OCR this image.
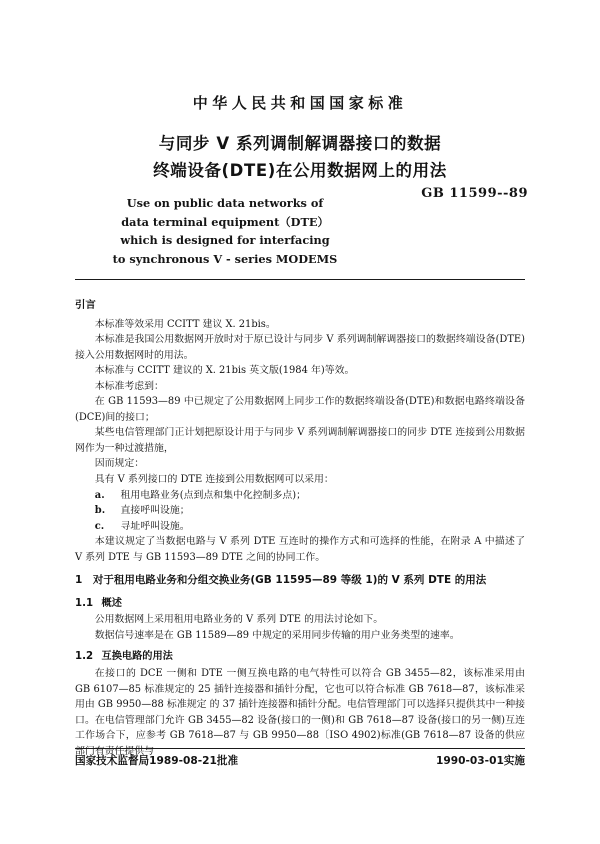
中华人民共和国国家标准
与同步 V 系列调制解调器接口的数据
终端设备(DTE)在公用数据网上的用法
GB 11599--89
Use on public data networks of
data terminal equipment（DTE）
which is designed for interfacing
to synchronous V - series MODEMS
引言

本标准等效采用 CCITT 建议 X. 21bis。

本标准是我国公用数据网开放时对于原已设计与同步 V 系列调制解调器接口的数据终端设备(DTE)接入公用数据网时的用法。

本标准与 CCITT 建议的 X. 21bis 英文版(1984 年)等效。

本标准考虑到：

在 GB 11593—89 中已规定了公用数据网上同步工作的数据终端设备(DTE)和数据电路终端设备(DCE)间的接口；

某些电信管理部门正计划把原设计用于与同步 V 系列调制解调器接口的同步 DTE 连接到公用数据网作为一种过渡措施，

因而规定：

具有 V 系列接口的 DTE 连接到公用数据网可以采用：

a. 租用电路业务(点到点和集中化控制多点)；

b. 直接呼叫设施；

c. 寻址呼叫设施。

本建议规定了当数据电路与 V 系列 DTE 互连时的操作方式和可选择的性能，在附录 A 中描述了 V 系列 DTE 与 GB 11593—89 DTE 之间的协同工作。

1 对于租用电路业务和分组交换业务(GB 11595—89 等级 1)的 V 系列 DTE 的用法

1.1 概述

公用数据网上采用租用电路业务的 V 系列 DTE 的用法讨论如下。

数据信号速率是在 GB 11589—89 中规定的采用同步传输的用户业务类型的速率。

1.2 互换电路的用法

在接口的 DCE 一侧和 DTE 一侧互换电路的电气特性可以符合 GB 3455—82，该标准采用由 GB 6107—85 标准规定的 25 插针连接器和插针分配，它也可以符合标准 GB 7618—87，该标准采用由 GB 9950—88 标准规定 的 37 插针连接器和插针分配。电信管理部门可以选择只提供其中一种接口。在电信管理部门允许 GB 3455—82 设备(接口的一侧)和 GB 7618—87 设备(接口的另一侧)互连工作场合下，应参考 GB 7618—87 与 GB 9950—88〔ISO 4902)标准(GB 7618—87 设备的供应部门有责任提供与

国家技术监督局1989-08-21批准	1990-03-01实施
